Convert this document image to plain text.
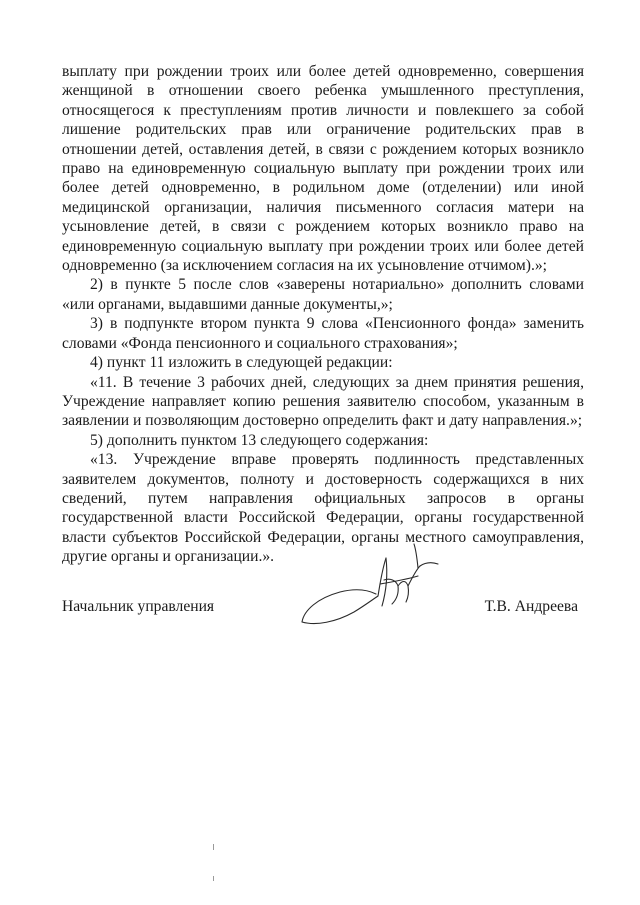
выплату при рождении троих или более детей одновременно, совершения женщиной в отношении своего ребенка умышленного преступления, относящегося к преступлениям против личности и повлекшего за собой лишение родительских прав или ограничение родительских прав в отношении детей, оставления детей, в связи с рождением которых возникло право на единовременную социальную выплату при рождении троих или более детей одновременно, в родильном доме (отделении) или иной медицинской организации, наличия письменного согласия матери на усыновление детей, в связи с рождением которых возникло право на единовременную социальную выплату при рождении троих или более детей одновременно (за исключением согласия на их усыновление отчимом).»;

2) в пункте 5 после слов «заверены нотариально» дополнить словами «или органами, выдавшими данные документы,»;

3) в подпункте втором пункта 9 слова «Пенсионного фонда» заменить словами «Фонда пенсионного и социального страхования»;

4) пункт 11 изложить в следующей редакции:

«11. В течение 3 рабочих дней, следующих за днем принятия решения, Учреждение направляет копию решения заявителю способом, указанным в заявлении и позволяющим достоверно определить факт и дату направления.»;

5) дополнить пунктом 13 следующего содержания:

«13. Учреждение вправе проверять подлинность представленных заявителем документов, полноту и достоверность содержащихся в них сведений, путем направления официальных запросов в органы государственной власти Российской Федерации, органы государственной власти субъектов Российской Федерации, органы местного самоуправления, другие органы и организации.».

Начальник управления	Т.В. Андреева
